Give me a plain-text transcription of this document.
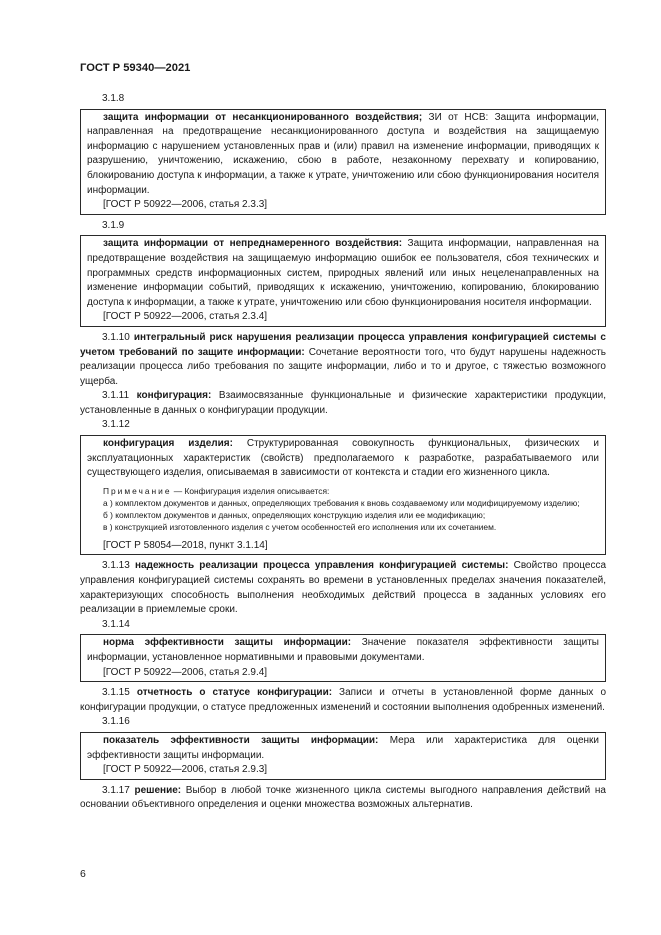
ГОСТ Р 59340—2021

3.1.8

защита информации от несанкционированного воздействия; ЗИ от НСВ: Защита информации, направленная на предотвращение несанкционированного доступа и воздействия на защищаемую информацию с нарушением установленных прав и (или) правил на изменение информации, приводящих к разрушению, уничтожению, искажению, сбою в работе, незаконному перехвату и копированию, блокированию доступа к информации, а также к утрате, уничтожению или сбою функционирования носителя информации.

[ГОСТ Р 50922—2006, статья 2.3.3]

3.1.9

защита информации от непреднамеренного воздействия: Защита информации, направленная на предотвращение воздействия на защищаемую информацию ошибок ее пользователя, сбоя технических и программных средств информационных систем, природных явлений или иных нецеленаправленных на изменение информации событий, приводящих к искажению, уничтожению, копированию, блокированию доступа к информации, а также к утрате, уничтожению или сбою функционирования носителя информации.

[ГОСТ Р 50922—2006, статья 2.3.4]

3.1.10 интегральный риск нарушения реализации процесса управления конфигурацией системы с учетом требований по защите информации: Сочетание вероятности того, что будут нарушены надежность реализации процесса либо требования по защите информации, либо и то и другое, с тяжестью возможного ущерба.

3.1.11 конфигурация: Взаимосвязанные функциональные и физические характеристики продукции, установленные в данных о конфигурации продукции.

3.1.12

конфигурация изделия: Структурированная совокупность функциональных, физических и эксплуатационных характеристик (свойств) предполагаемого к разработке, разрабатываемого или существующего изделия, описываемая в зависимости от контекста и стадии его жизненного цикла.

Примечание — Конфигурация изделия описывается:

а ) комплектом документов и данных, определяющих требования к вновь создаваемому или модифицируемому изделию;

б ) комплектом документов и данных, определяющих конструкцию изделия или ее модификацию;

в ) конструкцией изготовленного изделия с учетом особенностей его исполнения или их сочетанием.

[ГОСТ Р 58054—2018, пункт 3.1.14]

3.1.13 надежность реализации процесса управления конфигурацией системы: Свойство процесса управления конфигурацией системы сохранять во времени в установленных пределах значения показателей, характеризующих способность выполнения необходимых действий процесса в заданных условиях его реализации в приемлемые сроки.

3.1.14

норма эффективности защиты информации: Значение показателя эффективности защиты информации, установленное нормативными и правовыми документами.

[ГОСТ Р 50922—2006, статья 2.9.4]

3.1.15 отчетность о статусе конфигурации: Записи и отчеты в установленной форме данных о конфигурации продукции, о статусе предложенных изменений и состоянии выполнения одобренных изменений.

3.1.16

показатель эффективности защиты информации: Мера или характеристика для оценки эффективности защиты информации.

[ГОСТ Р 50922—2006, статья 2.9.3]

3.1.17 решение: Выбор в любой точке жизненного цикла системы выгодного направления действий на основании объективного определения и оценки множества возможных альтернатив.

6
